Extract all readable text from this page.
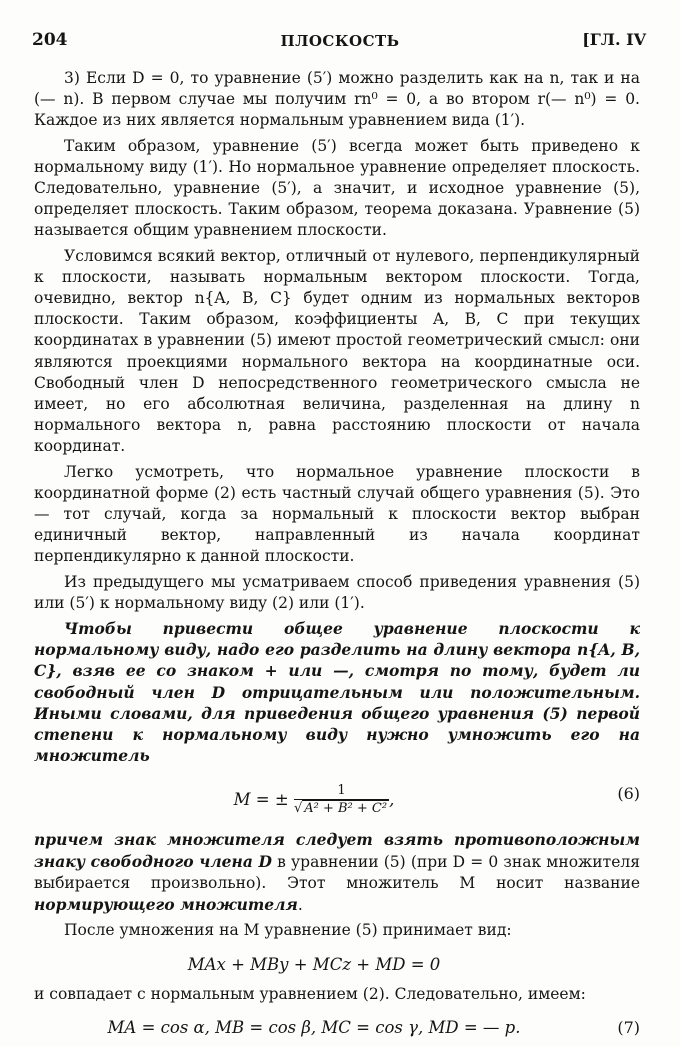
204	ПЛОСКОСТЬ	[ГЛ. IV

3) Если D = 0, то уравнение (5′) можно разделить как на n, так и на (— n). В первом случае мы получим rn⁰ = 0, а во втором r(— n⁰) = 0. Каждое из них является нормальным уравнением вида (1′).

Таким образом, уравнение (5′) всегда может быть приведено к нормальному виду (1′). Но нормальное уравнение определяет плоскость. Следовательно, уравнение (5′), а значит, и исходное уравнение (5), определяет плоскость. Таким образом, теорема доказана. Уравнение (5) называется общим уравнением плоскости.

Условимся всякий вектор, отличный от нулевого, перпендикулярный к плоскости, называть нормальным вектором плоскости. Тогда, очевидно, вектор n{A, B, C} будет одним из нормальных векторов плоскости. Таким образом, коэффициенты A, B, C при текущих координатах в уравнении (5) имеют простой геометрический смысл: они являются проекциями нормального вектора на координатные оси. Свободный член D непосредственного геометрического смысла не имеет, но его абсолютная величина, разделенная на длину n нормального вектора n, равна расстоянию плоскости от начала координат.

Легко усмотреть, что нормальное уравнение плоскости в координатной форме (2) есть частный случай общего уравнения (5). Это — тот случай, когда за нормальный к плоскости вектор выбран единичный вектор, направленный из начала координат перпендикулярно к данной плоскости.

Из предыдущего мы усматриваем способ приведения уравнения (5) или (5′) к нормальному виду (2) или (1′).

Чтобы привести общее уравнение плоскости к нормальному виду, надо его разделить на длину вектора n{A, B, C}, взяв ее со знаком + или —, смотря по тому, будет ли свободный член D отрицательным или положительным. Иными словами, для приведения общего уравнения (5) первой степени к нормальному виду нужно умножить его на множитель

M = ± $\frac{1}{\text{√ A² + B² + C²}}$ ,	(6)

причем знак множителя следует взять противоположным знаку свободного члена D в уравнении (5) (при D = 0 знак множителя выбирается произвольно). Этот множитель M носит название нормирующего множителя.

После умножения на M уравнение (5) принимает вид:

MAx + MBy + MCz + MD = 0

и совпадает с нормальным уравнением (2). Следовательно, имеем:

MA = cos α, MB = cos β, MC = cos γ, MD = — p.	(7)
